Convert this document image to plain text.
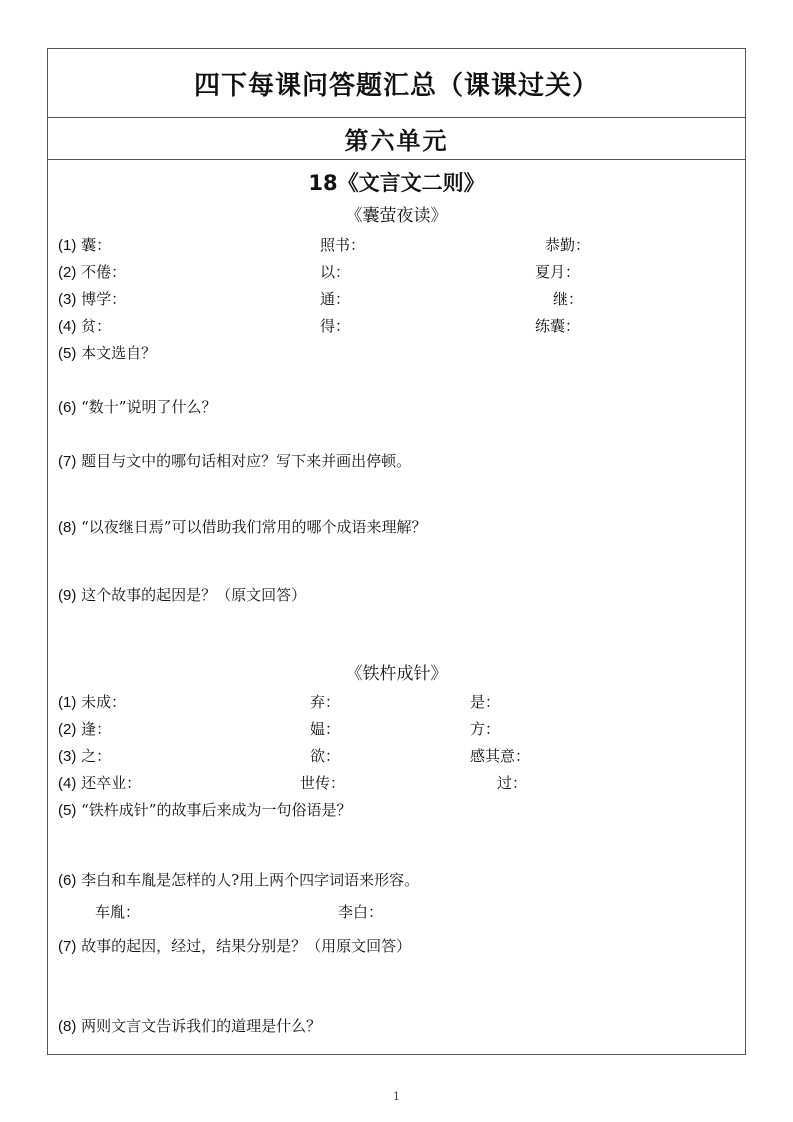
四下每课问答题汇总（课课过关）
第六单元
18《文言文二则》
《囊萤夜读》
(1) 囊：	照书：	恭勤：
(2) 不倦：	以：	夏月：
(3) 博学：	通：	继：
(4) 贫：	得：	练囊：
(5) 本文选自？
(6) “数十”说明了什么？
(7) 题目与文中的哪句话相对应？写下来并画出停顿。
(8) “以夜继日焉”可以借助我们常用的哪个成语来理解？
(9) 这个故事的起因是？（原文回答）
《铁杵成针》
(1) 未成：	弃：	是：
(2) 逢：	媪：	方：
(3) 之：	欲：	感其意：
(4) 还卒业：	世传：	过：
(5) “铁杵成针”的故事后来成为一句俗语是？
(6) 李白和车胤是怎样的人?用上两个四字词语来形容。
车胤：	李白：
(7) 故事的起因，经过，结果分别是？（用原文回答）
(8) 两则文言文告诉我们的道理是什么？
1
